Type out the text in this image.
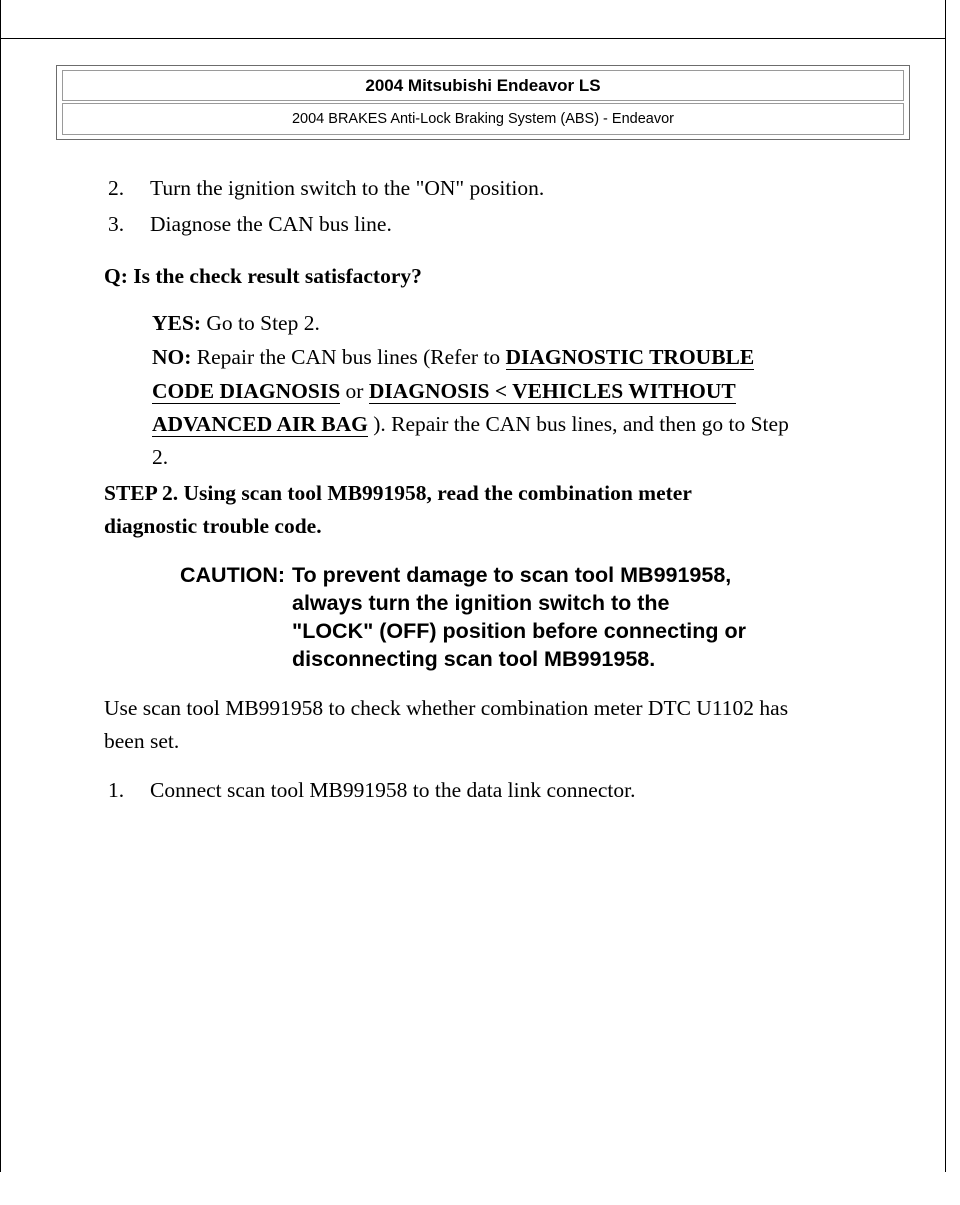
2004 Mitsubishi Endeavor LS
2004 BRAKES Anti-Lock Braking System (ABS) - Endeavor
2. Turn the ignition switch to the "ON" position.
3. Diagnose the CAN bus line.
Q: Is the check result satisfactory?
YES: Go to Step 2.
NO: Repair the CAN bus lines (Refer to DIAGNOSTIC TROUBLE
CODE DIAGNOSIS or DIAGNOSIS < VEHICLES WITHOUT
ADVANCED AIR BAG ). Repair the CAN bus lines, and then go to Step
2.
STEP 2. Using scan tool MB991958, read the combination meter
diagnostic trouble code.
CAUTION: To prevent damage to scan tool MB991958,
always turn the ignition switch to the
"LOCK" (OFF) position before connecting or
disconnecting scan tool MB991958.
Use scan tool MB991958 to check whether combination meter DTC U1102 has
been set.
1. Connect scan tool MB991958 to the data link connector.
